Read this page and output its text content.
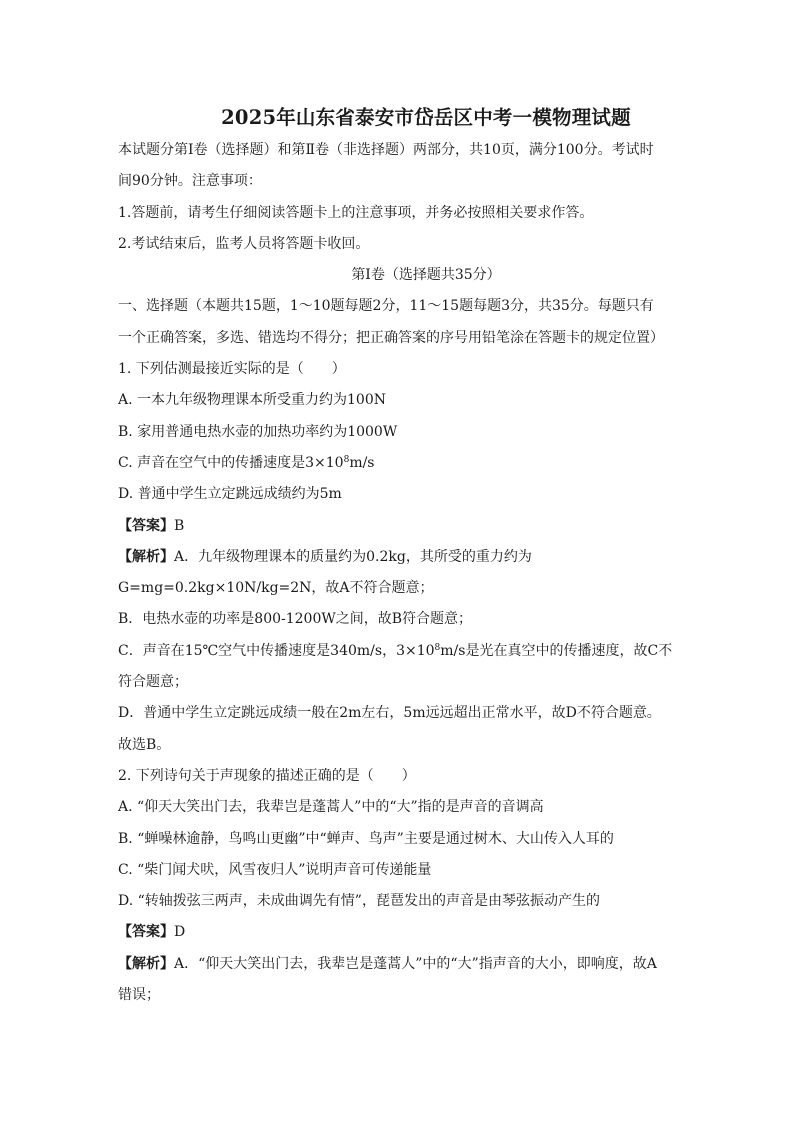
2025年山东省泰安市岱岳区中考一模物理试题

本试题分第Ⅰ卷（选择题）和第Ⅱ卷（非选择题）两部分，共10页，满分100分。考试时

间90分钟。注意事项：

1.答题前，请考生仔细阅读答题卡上的注意事项，并务必按照相关要求作答。

2.考试结束后，监考人员将答题卡收回。

第Ⅰ卷（选择题共35分）

一、选择题（本题共15题，1～10题每题2分，11～15题每题3分，共35分。每题只有

一个正确答案，多选、错选均不得分；把正确答案的序号用铅笔涂在答题卡的规定位置）

1. 下列估测最接近实际的是（　　）

A. 一本九年级物理课本所受重力约为100N

B. 家用普通电热水壶的加热功率约为1000W

C. 声音在空气中的传播速度是$3\times 10^8m/s$

D. 普通中学生立定跳远成绩约为5m

【答案】B

【解析】A．九年级物理课本的质量约为0.2kg，其所受的重力约为

G=mg=0.2kg×10N/kg=2N，故A不符合题意；

B．电热水壶的功率是800-1200W之间，故B符合题意；

C．声音在15℃空气中传播速度是340m/s，$3\times 10^8m/s$是光在真空中的传播速度，故C不

符合题意；

D．普通中学生立定跳远成绩一般在2m左右，5m远远超出正常水平，故D不符合题意。

故选B。

2. 下列诗句关于声现象的描述正确的是（　　）

A. “仰天大笑出门去，我辈岂是蓬蒿人”中的“大”指的是声音的音调高

B. “蝉噪林逾静，鸟鸣山更幽”中“蝉声、鸟声”主要是通过树木、大山传入人耳的

C. “柴门闻犬吠，风雪夜归人”说明声音可传递能量

D. “转轴拨弦三两声，未成曲调先有情”，琵琶发出的声音是由琴弦振动产生的

【答案】D

【解析】A．“仰天大笑出门去，我辈岂是蓬蒿人”中的“大”指声音的大小，即响度，故A

错误；
